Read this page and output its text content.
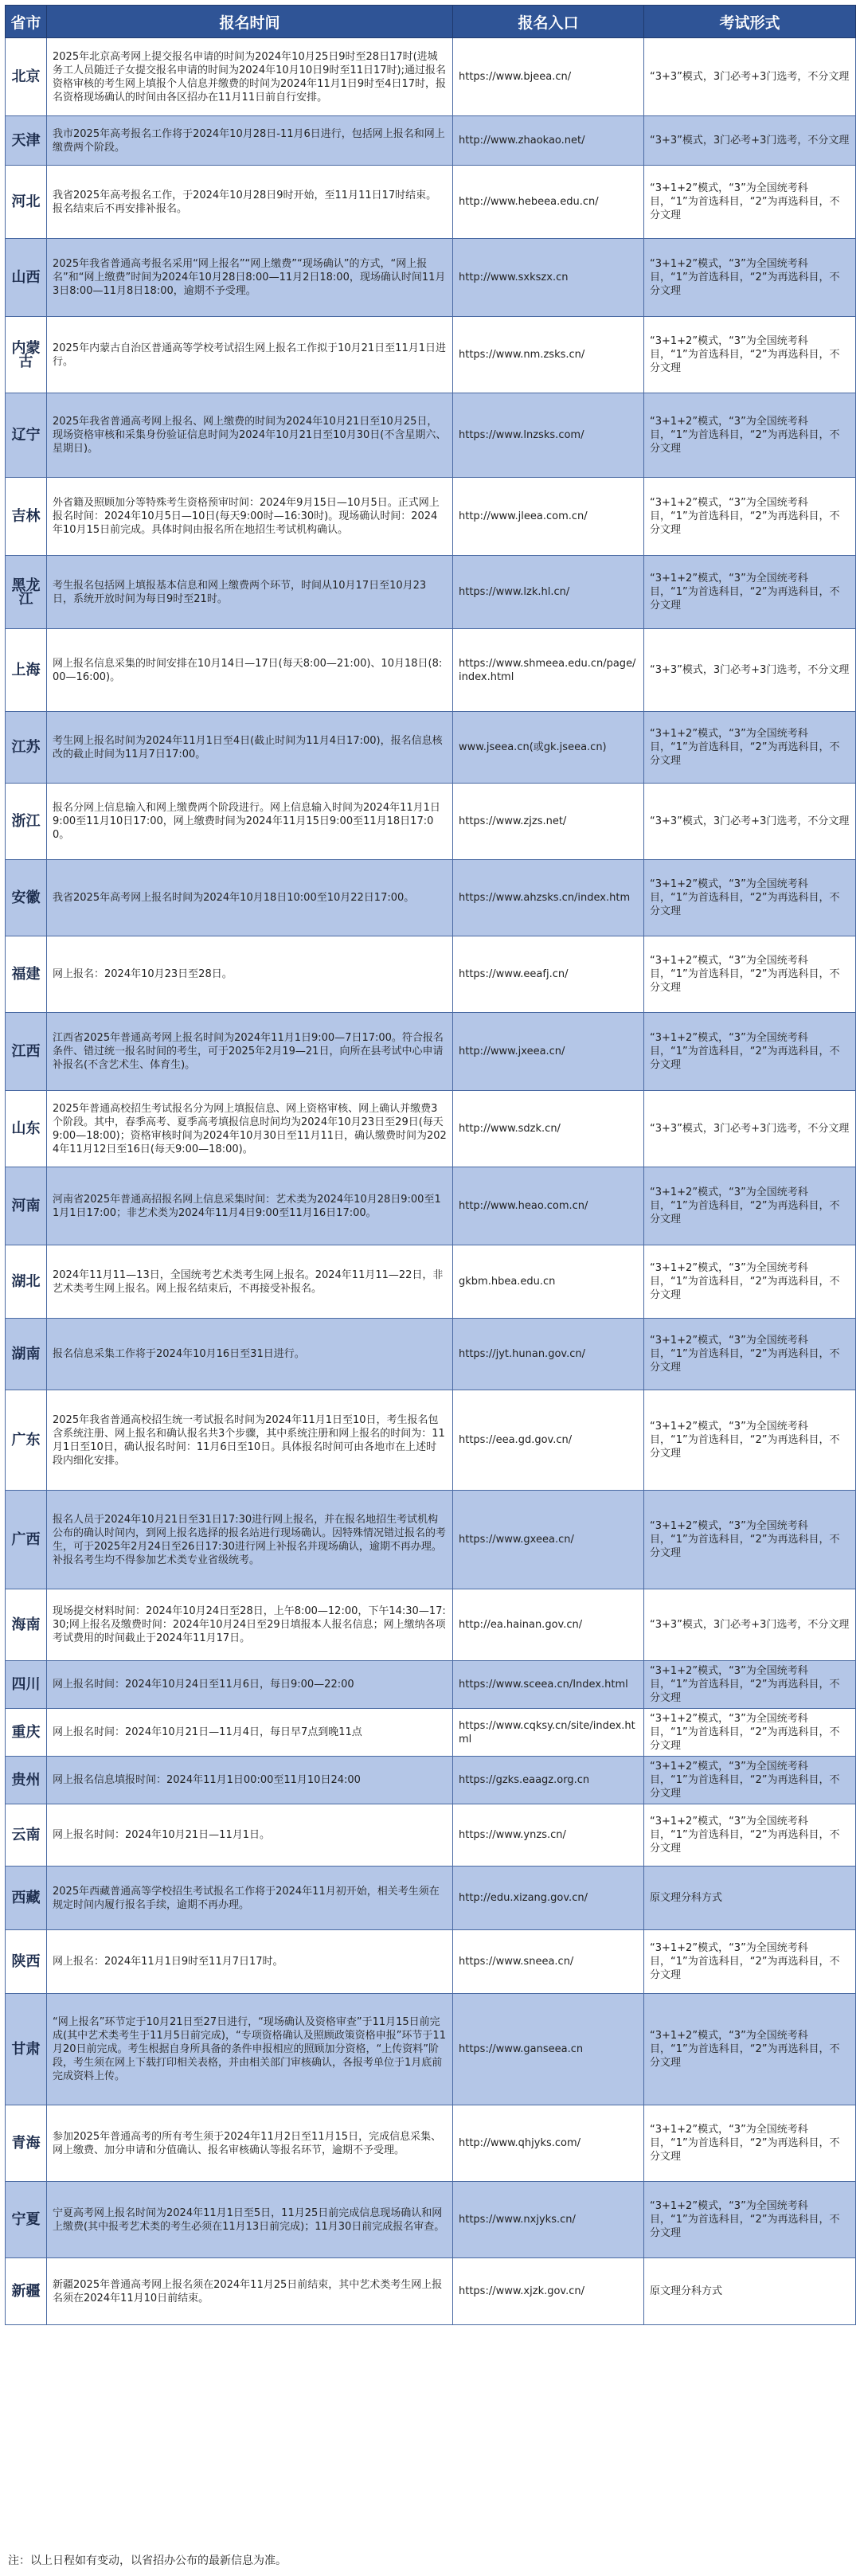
省市	报名时间	报名入口	考试形式
北京	2025年北京高考网上提交报名申请的时间为2024年10月25日9时至28日17时(进城务工人员随迁子女提交报名申请的时间为2024年10月10日9时至11日17时);通过报名资格审核的考生网上填报个人信息并缴费的时间为2024年11月1日9时至4日17时，报名资格现场确认的时间由各区招办在11月11日前自行安排。	https://www.bjeea.cn/	“3+3”模式，3门必考+3门选考，不分文理
天津	我市2025年高考报名工作将于2024年10月28日-11月6日进行，包括网上报名和网上缴费两个阶段。	http://www.zhaokao.net/	“3+3”模式，3门必考+3门选考，不分文理
河北	我省2025年高考报名工作，于2024年10月28日9时开始，至11月11日17时结束。报名结束后不再安排补报名。	http://www.hebeea.edu.cn/	“3+1+2”模式，“3”为全国统考科目，“1”为首选科目，“2”为再选科目，不分文理
山西	2025年我省普通高考报名采用“网上报名”“网上缴费”“现场确认”的方式，“网上报名”和“网上缴费”时间为2024年10月28日8:00—11月2日18:00，现场确认时间11月3日8:00—11月8日18:00，逾期不予受理。	http://www.sxkszx.cn	“3+1+2”模式，“3”为全国统考科目，“1”为首选科目，“2”为再选科目，不分文理
内蒙古	2025年内蒙古自治区普通高等学校考试招生网上报名工作拟于10月21日至11月1日进行。	https://www.nm.zsks.cn/	“3+1+2”模式，“3”为全国统考科目，“1”为首选科目，“2”为再选科目，不分文理
辽宁	2025年我省普通高考网上报名、网上缴费的时间为2024年10月21日至10月25日，现场资格审核和采集身份验证信息时间为2024年10月21日至10月30日(不含星期六、星期日)。	https://www.lnzsks.com/	“3+1+2”模式，“3”为全国统考科目，“1”为首选科目，“2”为再选科目，不分文理
吉林	外省籍及照顾加分等特殊考生资格预审时间：2024年9月15日—10月5日。正式网上报名时间：2024年10月5日—10日(每天9:00时—16:30时)。现场确认时间：2024年10月15日前完成。具体时间由报名所在地招生考试机构确认。	http://www.jleea.com.cn/	“3+1+2”模式，“3”为全国统考科目，“1”为首选科目，“2”为再选科目，不分文理
黑龙江	考生报名包括网上填报基本信息和网上缴费两个环节，时间从10月17日至10月23日，系统开放时间为每日9时至21时。	https://www.lzk.hl.cn/	“3+1+2”模式，“3”为全国统考科目，“1”为首选科目，“2”为再选科目，不分文理
上海	网上报名信息采集的时间安排在10月14日—17日(每天8:00—21:00)、10月18日(8:00—16:00)。	https://www.shmeea.edu.cn/page/index.html	“3+3”模式，3门必考+3门选考，不分文理
江苏	考生网上报名时间为2024年11月1日至4日(截止时间为11月4日17:00)，报名信息核改的截止时间为11月7日17:00。	www.jseea.cn(或gk.jseea.cn)	“3+1+2”模式，“3”为全国统考科目，“1”为首选科目，“2”为再选科目，不分文理
浙江	报名分网上信息输入和网上缴费两个阶段进行。网上信息输入时间为2024年11月1日9:00至11月10日17:00，网上缴费时间为2024年11月15日9:00至11月18日17:00。	https://www.zjzs.net/	“3+3”模式，3门必考+3门选考，不分文理
安徽	我省2025年高考网上报名时间为2024年10月18日10:00至10月22日17:00。	https://www.ahzsks.cn/index.htm	“3+1+2”模式，“3”为全国统考科目，“1”为首选科目，“2”为再选科目，不分文理
福建	网上报名：2024年10月23日至28日。	https://www.eeafj.cn/	“3+1+2”模式，“3”为全国统考科目，“1”为首选科目，“2”为再选科目，不分文理
江西	江西省2025年普通高考网上报名时间为2024年11月1日9:00—7日17:00。符合报名条件、错过统一报名时间的考生，可于2025年2月19—21日，向所在县考试中心申请补报名(不含艺术生、体育生)。	http://www.jxeea.cn/	“3+1+2”模式，“3”为全国统考科目，“1”为首选科目，“2”为再选科目，不分文理
山东	2025年普通高校招生考试报名分为网上填报信息、网上资格审核、网上确认并缴费3个阶段。其中，春季高考、夏季高考填报信息时间均为2024年10月23日至29日(每天9:00—18:00)；资格审核时间为2024年10月30日至11月11日，确认缴费时间为2024年11月12日至16日(每天9:00—18:00)。	http://www.sdzk.cn/	“3+3”模式，3门必考+3门选考，不分文理
河南	河南省2025年普通高招报名网上信息采集时间：艺术类为2024年10月28日9:00至11月1日17:00；非艺术类为2024年11月4日9:00至11月16日17:00。	http://www.heao.com.cn/	“3+1+2”模式，“3”为全国统考科目，“1”为首选科目，“2”为再选科目，不分文理
湖北	2024年11月11—13日，全国统考艺术类考生网上报名。2024年11月11—22日，非艺术类考生网上报名。网上报名结束后，不再接受补报名。	gkbm.hbea.edu.cn	“3+1+2”模式，“3”为全国统考科目，“1”为首选科目，“2”为再选科目，不分文理
湖南	报名信息采集工作将于2024年10月16日至31日进行。	https://jyt.hunan.gov.cn/	“3+1+2”模式，“3”为全国统考科目，“1”为首选科目，“2”为再选科目，不分文理
广东	2025年我省普通高校招生统一考试报名时间为2024年11月1日至10日，考生报名包含系统注册、网上报名和确认报名共3个步骤，其中系统注册和网上报名的时间为：11月1日至10日，确认报名时间：11月6日至10日。具体报名时间可由各地市在上述时段内细化安排。	https://eea.gd.gov.cn/	“3+1+2”模式，“3”为全国统考科目，“1”为首选科目，“2”为再选科目，不分文理
广西	报名人员于2024年10月21日至31日17:30进行网上报名，并在报名地招生考试机构公布的确认时间内，到网上报名选择的报名站进行现场确认。因特殊情况错过报名的考生，可于2025年2月24日至26日17:30进行网上补报名并现场确认，逾期不再办理。补报名考生均不得参加艺术类专业省级统考。	https://www.gxeea.cn/	“3+1+2”模式，“3”为全国统考科目，“1”为首选科目，“2”为再选科目，不分文理
海南	现场提交材料时间：2024年10月24日至28日，上午8:00—12:00，下午14:30—17:30;网上报名及缴费时间：2024年10月24日至29日填报本人报名信息；网上缴纳各项考试费用的时间截止于2024年11月17日。	http://ea.hainan.gov.cn/	“3+3”模式，3门必考+3门选考，不分文理
四川	网上报名时间：2024年10月24日至11月6日，每日9:00—22:00	https://www.sceea.cn/Index.html	“3+1+2”模式，“3”为全国统考科目，“1”为首选科目，“2”为再选科目，不分文理
重庆	网上报名时间：2024年10月21日—11月4日，每日早7点到晚11点	https://www.cqksy.cn/site/index.html	“3+1+2”模式，“3”为全国统考科目，“1”为首选科目，“2”为再选科目，不分文理
贵州	网上报名信息填报时间：2024年11月1日00:00至11月10日24:00	https://gzks.eaagz.org.cn	“3+1+2”模式，“3”为全国统考科目，“1”为首选科目，“2”为再选科目，不分文理
云南	网上报名时间：2024年10月21日—11月1日。	https://www.ynzs.cn/	“3+1+2”模式，“3”为全国统考科目，“1”为首选科目，“2”为再选科目，不分文理
西藏	2025年西藏普通高等学校招生考试报名工作将于2024年11月初开始，相关考生须在规定时间内履行报名手续，逾期不再办理。	http://edu.xizang.gov.cn/	原文理分科方式
陕西	网上报名：2024年11月1日9时至11月7日17时。	https://www.sneea.cn/	“3+1+2”模式，“3”为全国统考科目，“1”为首选科目，“2”为再选科目，不分文理
甘肃	“网上报名”环节定于10月21日至27日进行，“现场确认及资格审查”于11月15日前完成(其中艺术类考生于11月5日前完成)，“专项资格确认及照顾政策资格申报”环节于11月20日前完成。考生根据自身所具备的条件申报相应的照顾加分资格，“上传资料”阶段，考生须在网上下载打印相关表格，并由相关部门审核确认，各报考单位于1月底前完成资料上传。	https://www.ganseea.cn	“3+1+2”模式，“3”为全国统考科目，“1”为首选科目，“2”为再选科目，不分文理
青海	参加2025年普通高考的所有考生须于2024年11月2日至11月15日，完成信息采集、网上缴费、加分申请和分值确认、报名审核确认等报名环节，逾期不予受理。	http://www.qhjyks.com/	“3+1+2”模式，“3”为全国统考科目，“1”为首选科目，“2”为再选科目，不分文理
宁夏	宁夏高考网上报名时间为2024年11月1日至5日，11月25日前完成信息现场确认和网上缴费(其中报考艺术类的考生必须在11月13日前完成)；11月30日前完成报名审查。	https://www.nxjyks.cn/	“3+1+2”模式，“3”为全国统考科目，“1”为首选科目，“2”为再选科目，不分文理
新疆	新疆2025年普通高考网上报名须在2024年11月25日前结束，其中艺术类考生网上报名须在2024年11月10日前结束。	https://www.xjzk.gov.cn/	原文理分科方式
注：以上日程如有变动，以省招办公布的最新信息为准。
